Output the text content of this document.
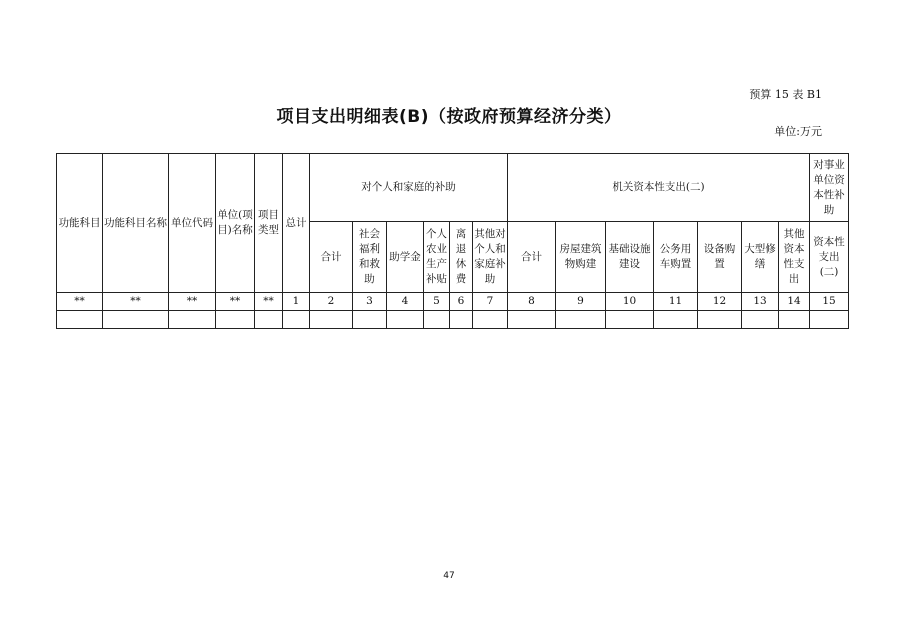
预算 15 表 B1
项目支出明细表(B)（按政府预算经济分类）
单位:万元
功能科目	功能科目名称	单位代码	单位(项目)名称	项目类型	总计	对个人和家庭的补助						机关资本性支出(二)							对事业单位资本性补助
						合计	社会福利和救助	助学金	个人农业生产补贴	离退休费	其他对个人和家庭补助	合计	房屋建筑物购建	基础设施建设	公务用车购置	设备购置	大型修缮	其他资本性支出	资本性支出(二)
**	**	**	**	**	1	2	3	4	5	6	7	8	9	10	11	12	13	14	15

47
